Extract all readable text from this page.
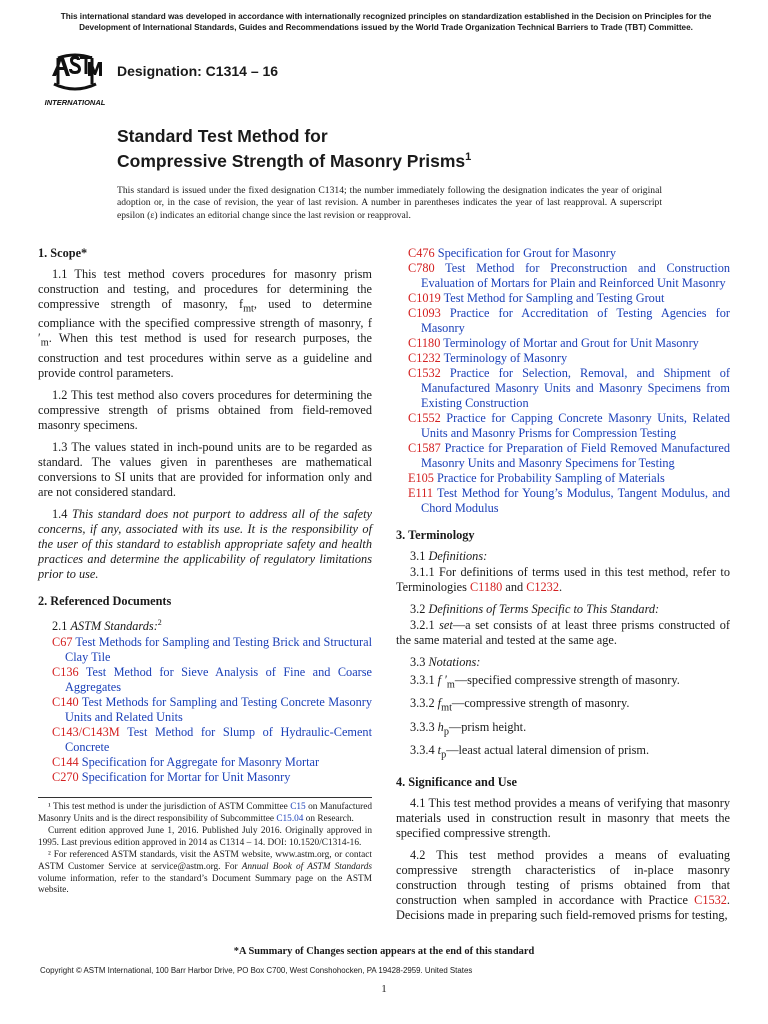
This international standard was developed in accordance with internationally recognized principles on standardization established in the Decision on Principles for the Development of International Standards, Guides and Recommendations issued by the World Trade Organization Technical Barriers to Trade (TBT) Committee.
INTERNATIONAL
Designation: C1314 – 16
Standard Test Method for
Compressive Strength of Masonry Prisms$^1$
This standard is issued under the fixed designation C1314; the number immediately following the designation indicates the year of original adoption or, in the case of revision, the year of last revision. A number in parentheses indicates the year of last reapproval. A superscript epsilon (ε) indicates an editorial change since the last revision or reapproval.
1. Scope*

1.1 This test method covers procedures for masonry prism construction and testing, and procedures for determining the compressive strength of masonry, $f_{mt}$, used to determine compliance with the specified compressive strength of masonry, f $'_m$. When this test method is used for research purposes, the construction and test procedures within serve as a guideline and provide control parameters.

1.2 This test method also covers procedures for determining the compressive strength of prisms obtained from field-removed masonry specimens.

1.3 The values stated in inch-pound units are to be regarded as standard. The values given in parentheses are mathematical conversions to SI units that are provided for information only and are not considered standard.

1.4 This standard does not purport to address all of the safety concerns, if any, associated with its use. It is the responsibility of the user of this standard to establish appropriate safety and health practices and determine the applicability of regulatory limitations prior to use.

2. Referenced Documents
2.1 ASTM Standards:$^2$
C67 Test Methods for Sampling and Testing Brick and Structural Clay Tile
C136 Test Method for Sieve Analysis of Fine and Coarse Aggregates
C140 Test Methods for Sampling and Testing Concrete Masonry Units and Related Units
C143/C143M Test Method for Slump of Hydraulic-Cement Concrete
C144 Specification for Aggregate for Masonry Mortar
C270 Specification for Mortar for Unit Masonry

¹ This test method is under the jurisdiction of ASTM Committee C15 on Manufactured Masonry Units and is the direct responsibility of Subcommittee C15.04 on Research.

Current edition approved June 1, 2016. Published July 2016. Originally approved in 1995. Last previous edition approved in 2014 as C1314 – 14. DOI: 10.1520/C1314-16.

² For referenced ASTM standards, visit the ASTM website, www.astm.org, or contact ASTM Customer Service at service@astm.org. For Annual Book of ASTM Standards volume information, refer to the standard’s Document Summary page on the ASTM website.

C476 Specification for Grout for Masonry
C780 Test Method for Preconstruction and Construction Evaluation of Mortars for Plain and Reinforced Unit Masonry
C1019 Test Method for Sampling and Testing Grout
C1093 Practice for Accreditation of Testing Agencies for Masonry
C1180 Terminology of Mortar and Grout for Unit Masonry
C1232 Terminology of Masonry
C1532 Practice for Selection, Removal, and Shipment of Manufactured Masonry Units and Masonry Specimens from Existing Construction
C1552 Practice for Capping Concrete Masonry Units, Related Units and Masonry Prisms for Compression Testing
C1587 Practice for Preparation of Field Removed Manufactured Masonry Units and Masonry Specimens for Testing
E105 Practice for Probability Sampling of Materials
E111 Test Method for Young’s Modulus, Tangent Modulus, and Chord Modulus
3. Terminology
3.1 Definitions:

3.1.1 For definitions of terms used in this test method, refer to Terminologies C1180 and C1232.

3.2 Definitions of Terms Specific to This Standard:

3.2.1 set—a set consists of at least three prisms constructed of the same material and tested at the same age.

3.3 Notations:
3.3.1 f $'_m—specified$ compressive strength of masonry.
3.3.2 $f_{mt}—compressive$ strength of masonry.
3.3.3 $h_p—prism$ height.
3.3.4 $t_p—least$ actual lateral dimension of prism.
4. Significance and Use

4.1 This test method provides a means of verifying that masonry materials used in construction result in masonry that meets the specified compressive strength.

4.2 This test method provides a means of evaluating compressive strength characteristics of in-place masonry construction through testing of prisms obtained from that construction when sampled in accordance with Practice C1532. Decisions made in preparing such field-removed prisms for testing,

*A Summary of Changes section appears at the end of this standard
Copyright © ASTM International, 100 Barr Harbor Drive, PO Box C700, West Conshohocken, PA 19428-2959. United States
1
